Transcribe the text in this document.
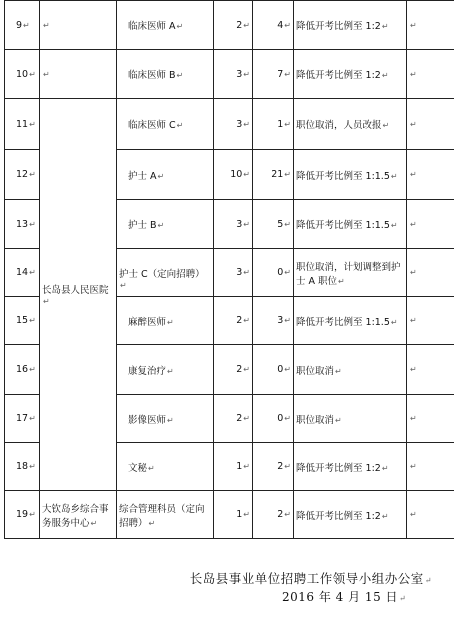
9↵	↵	临床医师 A↵	2↵	4↵	降低开考比例至 1:2↵	↵
10↵	↵	临床医师 B↵	3↵	7↵	降低开考比例至 1:2↵	↵
11↵	长岛县人民医院↵	临床医师 C↵	3↵	1↵	职位取消，人员改报↵	↵
12↵		护士 A↵	10↵	21↵	降低开考比例至 1:1.5↵	↵
13↵		护士 B↵	3↵	5↵	降低开考比例至 1:1.5↵	↵
14↵		护士 C（定向招聘）↵	3↵	0↵	职位取消，计划调整到护士 A 职位↵	↵
15↵		麻醉医师↵	2↵	3↵	降低开考比例至 1:1.5↵	↵
16↵		康复治疗↵	2↵	0↵	职位取消↵	↵
17↵		影像医师↵	2↵	0↵	职位取消↵	↵
18↵		文秘↵	1↵	2↵	降低开考比例至 1:2↵	↵
19↵	大钦岛乡综合事务服务中心↵	综合管理科员（定向招聘）↵	1↵	2↵	降低开考比例至 1:2↵	↵
长岛县事业单位招聘工作领导小组办公室↵
2016 年 4 月 15 日↵
